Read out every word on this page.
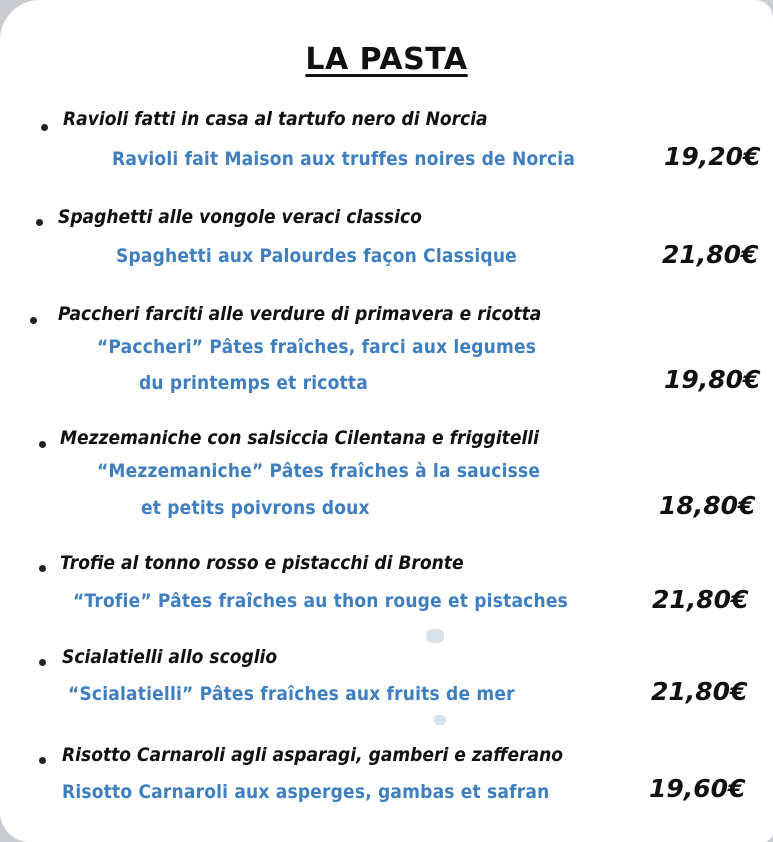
LA PASTA
Ravioli fatti in casa al tartufo nero di Norcia
Ravioli fait Maison aux truffes noires de Norcia	19,20€
Spaghetti alle vongole veraci classico
Spaghetti aux Palourdes façon Classique	21,80€
Paccheri farciti alle verdure di primavera e ricotta
“Paccheri” Pâtes fraîches, farci aux legumes
du printemps et ricotta	19,80€
Mezzemaniche con salsiccia Cilentana e friggitelli
“Mezzemaniche” Pâtes fraîches à la saucisse
et petits poivrons doux	18,80€
Trofie al tonno rosso e pistacchi di Bronte
“Trofie” Pâtes fraîches au thon rouge et pistaches	21,80€
Scialatielli allo scoglio
“Scialatielli” Pâtes fraîches aux fruits de mer	21,80€
Risotto Carnaroli agli asparagi, gamberi e zafferano
Risotto Carnaroli aux asperges, gambas et safran	19,60€
